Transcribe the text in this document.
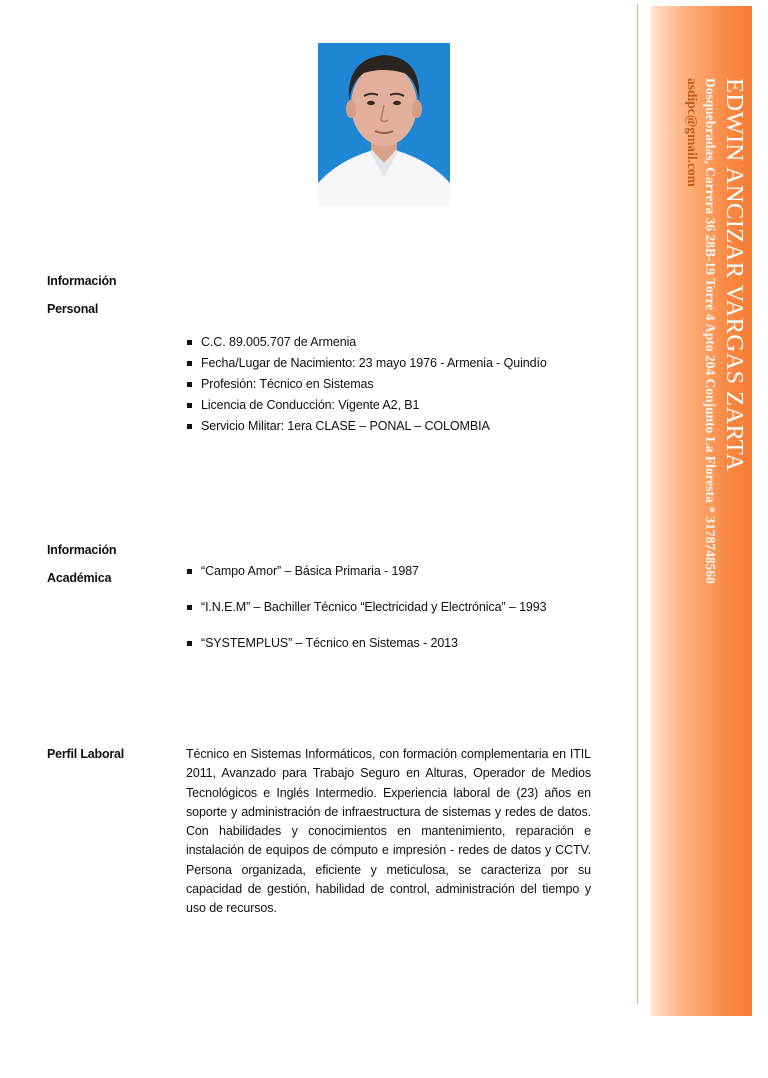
Información
Personal
C.C. 89.005.707 de Armenia
Fecha/Lugar de Nacimiento: 23 mayo 1976 - Armenia - Quindío
Profesión: Técnico en Sistemas
Licencia de Conducción: Vigente A2, B1
Servicio Militar: 1era CLASE – PONAL – COLOMBIA
Información
Académica	“Campo Amor” – Básica Primaria - 1987
“I.N.E.M” – Bachiller Técnico “Electricidad y Electrónica” – 1993
“SYSTEMPLUS” – Técnico en Sistemas - 2013
Perfil Laboral	Técnico en Sistemas Informáticos, con formación complementaria en ITIL 2011, Avanzado para Trabajo Seguro en Alturas, Operador de Medios Tecnológicos e Inglés Intermedio. Experiencia laboral de (23) años en soporte y administración de infraestructura de sistemas y redes de datos. Con habilidades y conocimientos en mantenimiento, reparación e instalación de equipos de cómputo e impresión - redes de datos y CCTV. Persona organizada, eficiente y meticulosa, se caracteriza por su capacidad de gestión, habilidad de control, administración del tiempo y uso de recursos.
EDWIN ANCIZAR VARGAS ZARTA
Dosquebradas, Carrera 36 28B-19 Torre 4 Apto 204 Conjunto La Floresta * 3178748560
asdipc@gmail.com
